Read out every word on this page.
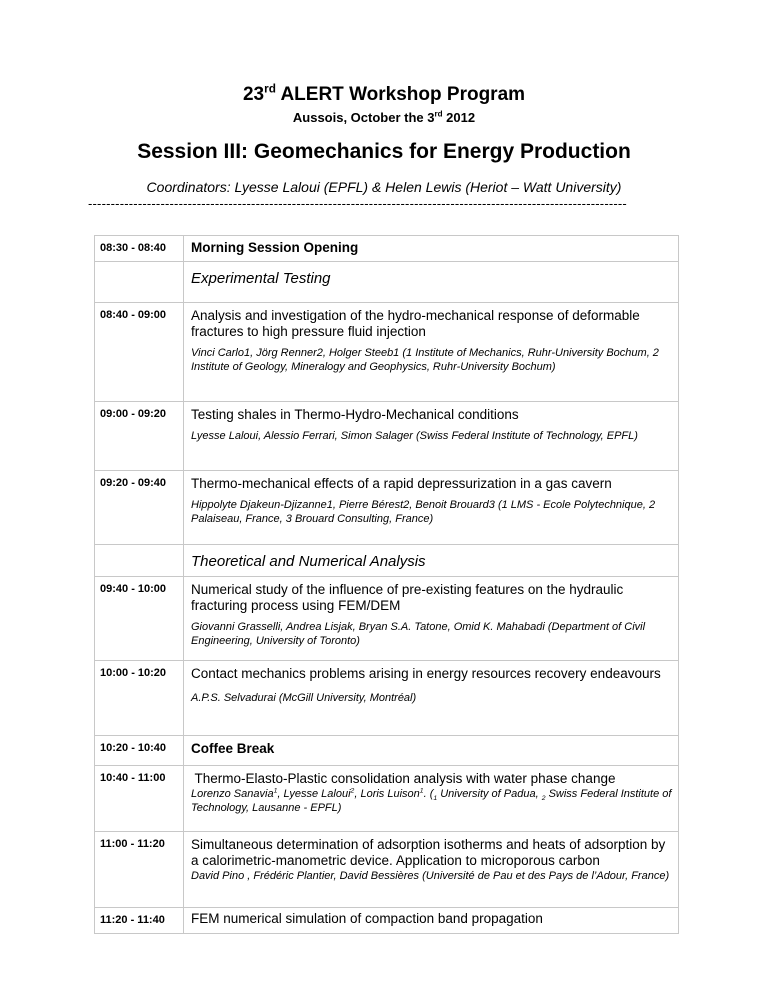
23rd ALERT Workshop Program
Aussois, October the 3rd 2012
Session III: Geomechanics for Energy Production
Coordinators: Lyesse Laloui (EPFL) & Helen Lewis (Heriot – Watt University)
-----------------------------------------------------------------------------------------------------------------------
08:30 - 08:40	Morning Session Opening

	Experimental Testing

08:40 - 09:00	Analysis and investigation of the hydro-mechanical response of deformable fractures to high pressure fluid injection
Vinci Carlo1, Jörg Renner2, Holger Steeb1 (1 Institute of Mechanics, Ruhr-University Bochum, 2 Institute of Geology, Mineralogy and Geophysics, Ruhr-University Bochum)

09:00 - 09:20	Testing shales in Thermo-Hydro-Mechanical conditions
Lyesse Laloui, Alessio Ferrari, Simon Salager (Swiss Federal Institute of Technology, EPFL)

09:20 - 09:40	Thermo-mechanical effects of a rapid depressurization in a gas cavern
Hippolyte Djakeun-Djizanne1, Pierre Bérest2, Benoit Brouard3 (1 LMS - Ecole Polytechnique, 2 Palaiseau, France, 3 Brouard Consulting, France)

	Theoretical and Numerical Analysis

09:40 - 10:00	Numerical study of the influence of pre-existing features on the hydraulic fracturing process using FEM/DEM
Giovanni Grasselli, Andrea Lisjak, Bryan S.A. Tatone, Omid K. Mahabadi (Department of Civil Engineering, University of Toronto)

10:00 - 10:20	Contact mechanics problems arising in energy resources recovery endeavours
A.P.S. Selvadurai (McGill University, Montréal)

10:20 - 10:40	Coffee Break

10:40 - 11:00	Thermo-Elasto-Plastic consolidation analysis with water phase change
Lorenzo Sanavia$^1$, Lyesse Laloui$^2$, Loris Luison$^1$. ($_1$ University of Padua, $_2$ Swiss Federal Institute of Technology, Lausanne - EPFL)

11:00 - 11:20	Simultaneous determination of adsorption isotherms and heats of adsorption by a calorimetric-manometric device. Application to microporous carbon
David Pino , Frédéric Plantier, David Bessières (Université de Pau et des Pays de l’Adour, France)

11:20 - 11:40	FEM numerical simulation of compaction band propagation
